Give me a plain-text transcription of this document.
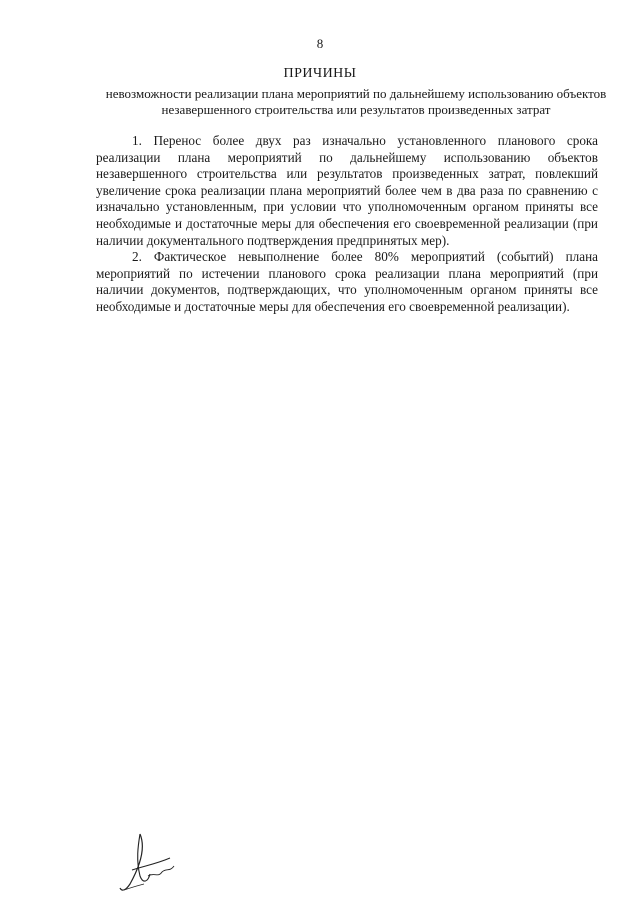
8
ПРИЧИНЫ
невозможности реализации плана мероприятий по дальнейшему использованию объектов незавершенного строительства или результатов произведенных затрат

1. Перенос более двух раз изначально установленного планового срока реализации плана мероприятий по дальнейшему использованию объектов незавершенного строительства или результатов произведенных затрат, повлекший увеличение срока реализации плана мероприятий более чем в два раза по сравнению с изначально установленным, при условии что уполномоченным органом приняты все необходимые и достаточные меры для обеспечения его своевременной реализации (при наличии документального подтверждения предпринятых мер).

2. Фактическое невыполнение более 80% мероприятий (событий) плана мероприятий по истечении планового срока реализации плана мероприятий (при наличии документов, подтверждающих, что уполномоченным органом приняты все необходимые и достаточные меры для обеспечения его своевременной реализации).
